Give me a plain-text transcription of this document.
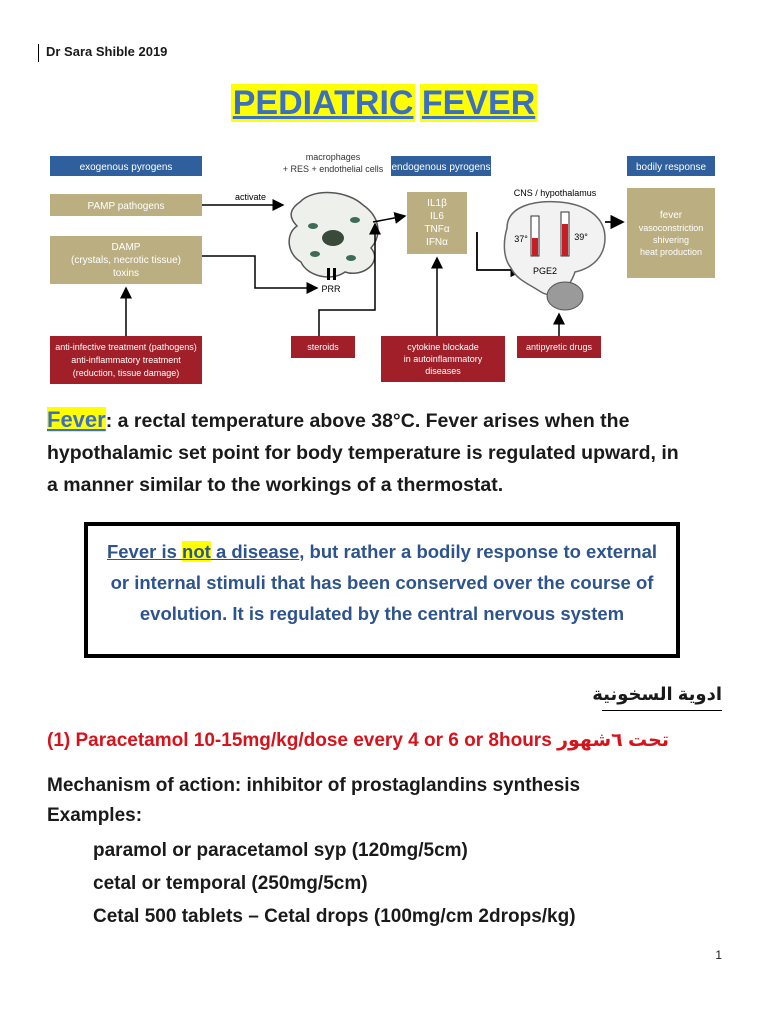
Dr Sara Shible 2019
PEDIATRIC FEVER
exogenous pyrogens
macrophages
+ RES + endothelial cells endogenous pyrogens	bodily response
PAMP pathogens
DAMP
(crystals, necrotic tissue)
toxins
activate
PRR
IL1β
IL6
TNFα
IFNα
CNS / hypothalamus
37°	39°
PGE2
fever
vasoconstriction
shivering
heat production
anti-infective treatment (pathogens)
anti-inflammatory treatment
(reduction, tissue damage)
steroids	cytokine blockade
in autoinflammatory
diseases
antipyretic drugs
Fever: a rectal temperature above 38°C. Fever arises when the
hypothalamic set point for body temperature is regulated upward, in
a manner similar to the workings of a thermostat.
Fever is not a disease, but rather a bodily response to external or internal stimuli that has been conserved over the course of evolution. It is regulated by the central nervous system
ادوية السخونية
(1) Paracetamol 10-15mg/kg/dose every 4 or 6 or 8hours تحت ٦شهور
Mechanism of action: inhibitor of prostaglandins synthesis
Examples:
paramol or paracetamol syp (120mg/5cm)
cetal or temporal (250mg/5cm)
Cetal 500 tablets – Cetal drops (100mg/cm 2drops/kg)
1
